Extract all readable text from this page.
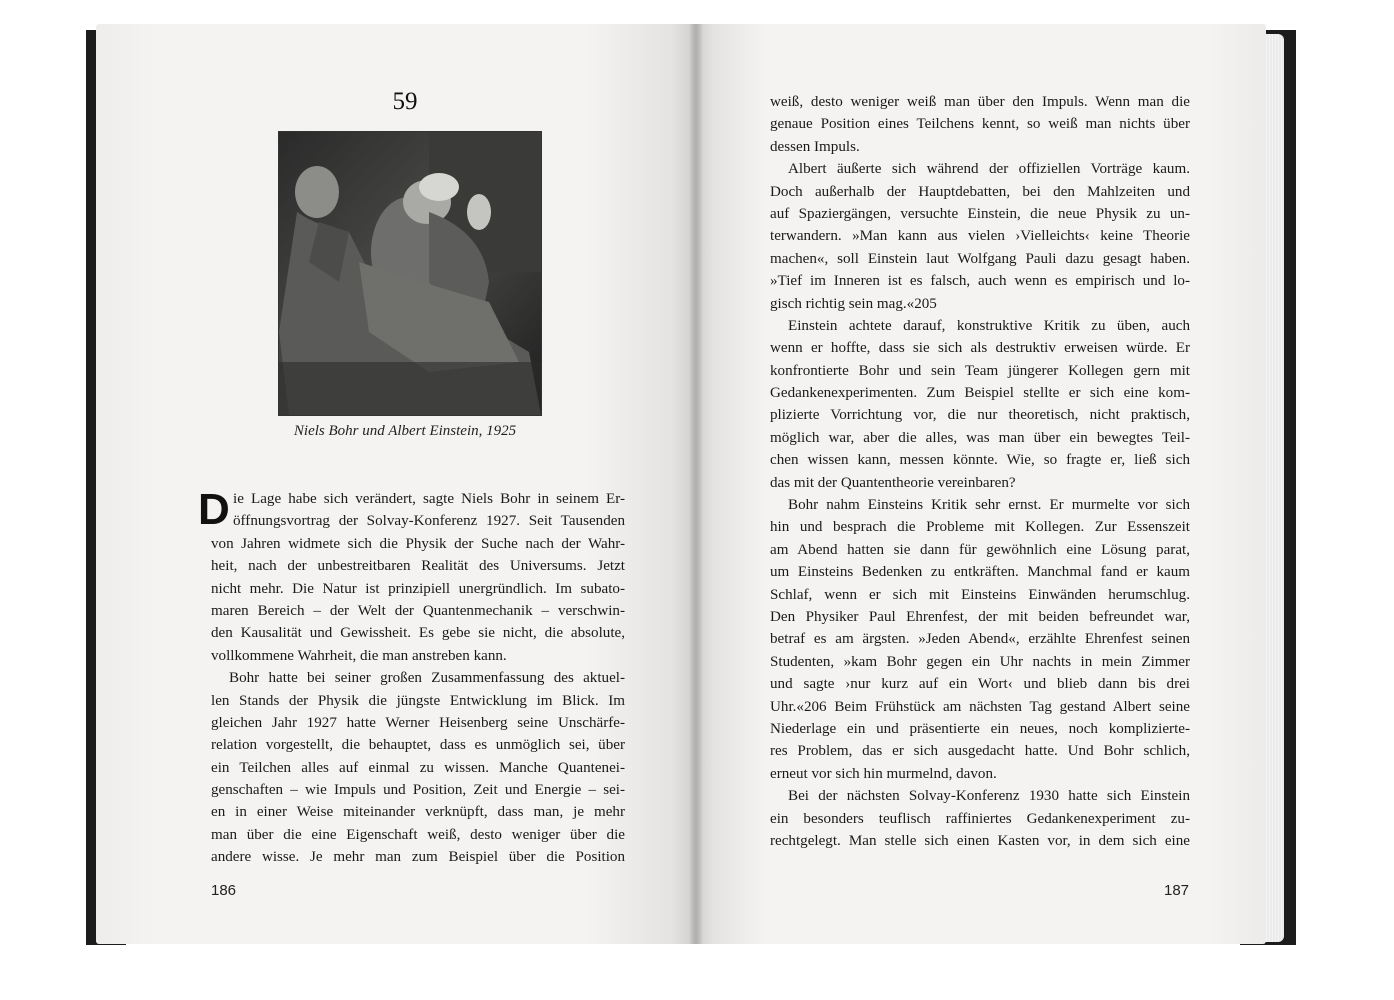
59
Niels Bohr und Albert Einstein, 1925
D ie Lage habe sich verändert, sagte Niels Bohr in seinem Er-
öffnungsvortrag der Solvay-Konferenz 1927. Seit Tausenden
von Jahren widmete sich die Physik der Suche nach der Wahr-
heit, nach der unbestreitbaren Realität des Universums. Jetzt
nicht mehr. Die Natur ist prinzipiell unergründlich. Im subato-
maren Bereich – der Welt der Quantenmechanik – verschwin-
den Kausalität und Gewissheit. Es gebe sie nicht, die absolute,
vollkommene Wahrheit, die man anstreben kann.
Bohr hatte bei seiner großen Zusammenfassung des aktuel-
len Stands der Physik die jüngste Entwicklung im Blick. Im
gleichen Jahr 1927 hatte Werner Heisenberg seine Unschärfe-
relation vorgestellt, die behauptet, dass es unmöglich sei, über
ein Teilchen alles auf einmal zu wissen. Manche Quantenei-
genschaften – wie Impuls und Position, Zeit und Energie – sei-
en in einer Weise miteinander verknüpft, dass man, je mehr
man über die eine Eigenschaft weiß, desto weniger über die
andere wisse. Je mehr man zum Beispiel über die Position
186
weiß, desto weniger weiß man über den Impuls. Wenn man die
genaue Position eines Teilchens kennt, so weiß man nichts über
dessen Impuls.
Albert äußerte sich während der offiziellen Vorträge kaum.
Doch außerhalb der Hauptdebatten, bei den Mahlzeiten und
auf Spaziergängen, versuchte Einstein, die neue Physik zu un-
terwandern. »Man kann aus vielen ›Vielleichts‹ keine Theorie
machen«, soll Einstein laut Wolfgang Pauli dazu gesagt haben.
»Tief im Inneren ist es falsch, auch wenn es empirisch und lo-
gisch richtig sein mag.«205
Einstein achtete darauf, konstruktive Kritik zu üben, auch
wenn er hoffte, dass sie sich als destruktiv erweisen würde. Er
konfrontierte Bohr und sein Team jüngerer Kollegen gern mit
Gedankenexperimenten. Zum Beispiel stellte er sich eine kom-
plizierte Vorrichtung vor, die nur theoretisch, nicht praktisch,
möglich war, aber die alles, was man über ein bewegtes Teil-
chen wissen kann, messen könnte. Wie, so fragte er, ließ sich
das mit der Quantentheorie vereinbaren?
Bohr nahm Einsteins Kritik sehr ernst. Er murmelte vor sich
hin und besprach die Probleme mit Kollegen. Zur Essenszeit
am Abend hatten sie dann für gewöhnlich eine Lösung parat,
um Einsteins Bedenken zu entkräften. Manchmal fand er kaum
Schlaf, wenn er sich mit Einsteins Einwänden herumschlug.
Den Physiker Paul Ehrenfest, der mit beiden befreundet war,
betraf es am ärgsten. »Jeden Abend«, erzählte Ehrenfest seinen
Studenten, »kam Bohr gegen ein Uhr nachts in mein Zimmer
und sagte ›nur kurz auf ein Wort‹ und blieb dann bis drei
Uhr.«206 Beim Frühstück am nächsten Tag gestand Albert seine
Niederlage ein und präsentierte ein neues, noch komplizierte-
res Problem, das er sich ausgedacht hatte. Und Bohr schlich,
erneut vor sich hin murmelnd, davon.
Bei der nächsten Solvay-Konferenz 1930 hatte sich Einstein
ein besonders teuflisch raffiniertes Gedankenexperiment zu-
rechtgelegt. Man stelle sich einen Kasten vor, in dem sich eine
187
